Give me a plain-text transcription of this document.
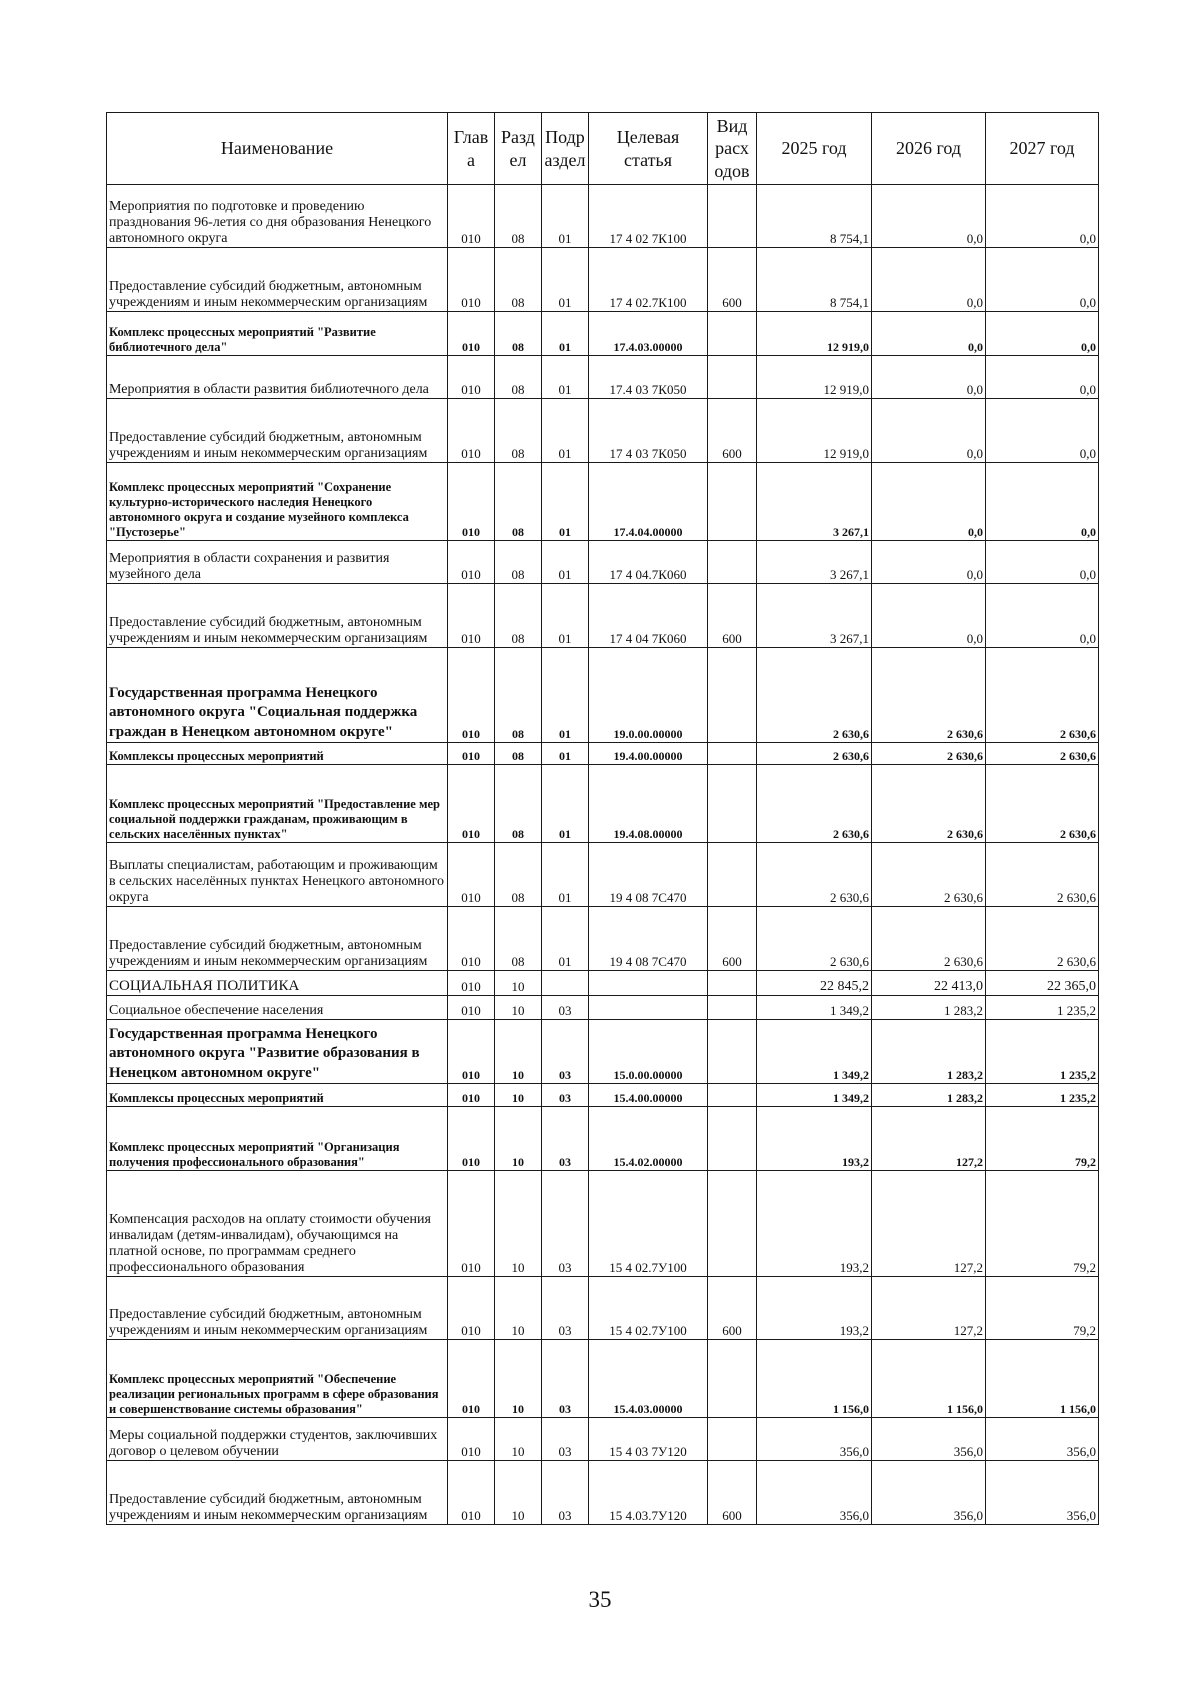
Наименование	Глав а	Разд ел	Подр аздел	Целевая статья	Вид расх одов	2025 год	2026 год	2027 год
Мероприятия по подготовке и проведению празднования 96-летия со дня образования Ненецкого автономного округа	010	08	01	17 4 02 7К100		8 754,1	0,0	0,0
Предоставление субсидий бюджетным, автономным учреждениям и иным некоммерческим организациям	010	08	01	17 4 02.7К100	600	8 754,1	0,0	0,0
Комплекс процессных мероприятий "Развитие библиотечного дела"	010	08	01	17.4.03.00000		12 919,0	0,0	0,0
Мероприятия в области развития библиотечного дела	010	08	01	17.4 03 7К050		12 919,0	0,0	0,0
Предоставление субсидий бюджетным, автономным учреждениям и иным некоммерческим организациям	010	08	01	17 4 03 7К050	600	12 919,0	0,0	0,0
Комплекс процессных мероприятий "Сохранение культурно-исторического наследия Ненецкого автономного округа и создание музейного комплекса "Пустозерье"	010	08	01	17.4.04.00000		3 267,1	0,0	0,0
Мероприятия в области сохранения и развития музейного дела	010	08	01	17 4 04.7К060		3 267,1	0,0	0,0
Предоставление субсидий бюджетным, автономным учреждениям и иным некоммерческим организациям	010	08	01	17 4 04 7К060	600	3 267,1	0,0	0,0
Государственная программа Ненецкого автономного округа "Социальная поддержка граждан в Ненецком автономном округе"	010	08	01	19.0.00.00000		2 630,6	2 630,6	2 630,6
Комплексы процессных мероприятий	010	08	01	19.4.00.00000		2 630,6	2 630,6	2 630,6
Комплекс процессных мероприятий "Предоставление мер социальной поддержки гражданам, проживающим в сельских населённых пунктах"	010	08	01	19.4.08.00000		2 630,6	2 630,6	2 630,6
Выплаты специалистам, работающим и проживающим в сельских населённых пунктах Ненецкого автономного округа	010	08	01	19 4 08 7С470		2 630,6	2 630,6	2 630,6
Предоставление субсидий бюджетным, автономным учреждениям и иным некоммерческим организациям	010	08	01	19 4 08 7С470	600	2 630,6	2 630,6	2 630,6
СОЦИАЛЬНАЯ ПОЛИТИКА	010	10				22 845,2	22 413,0	22 365,0
Социальное обеспечение населения	010	10	03			1 349,2	1 283,2	1 235,2
Государственная программа Ненецкого автономного округа "Развитие образования в Ненецком автономном округе"	010	10	03	15.0.00.00000		1 349,2	1 283,2	1 235,2
Комплексы процессных мероприятий	010	10	03	15.4.00.00000		1 349,2	1 283,2	1 235,2
Комплекс процессных мероприятий "Организация получения профессионального образования"	010	10	03	15.4.02.00000		193,2	127,2	79,2
Компенсация расходов на оплату стоимости обучения инвалидам (детям-инвалидам), обучающимся на платной основе, по программам среднего профессионального образования	010	10	03	15 4 02.7У100		193,2	127,2	79,2
Предоставление субсидий бюджетным, автономным учреждениям и иным некоммерческим организациям	010	10	03	15 4 02.7У100	600	193,2	127,2	79,2
Комплекс процессных мероприятий "Обеспечение реализации региональных программ в сфере образования и совершенствование системы образования"	010	10	03	15.4.03.00000		1 156,0	1 156,0	1 156,0
Меры социальной поддержки студентов, заключивших договор о целевом обучении	010	10	03	15 4 03 7У120		356,0	356,0	356,0
Предоставление субсидий бюджетным, автономным учреждениям и иным некоммерческим организациям	010	10	03	15 4.03.7У120	600	356,0	356,0	356,0
35
